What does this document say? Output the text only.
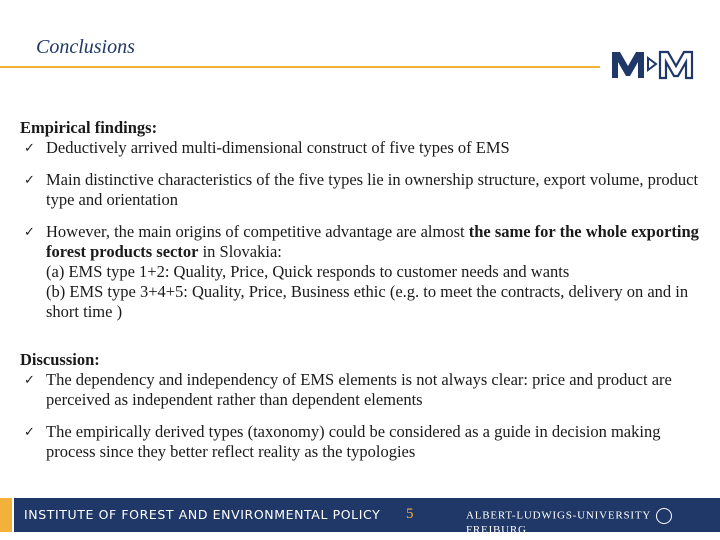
Conclusions

Empirical findings:

✓ Deductively arrived multi-dimensional construct of five types of EMS

✓ Main distinctive characteristics of the five types lie in ownership structure, export volume, product type and orientation

✓ However, the main origins of competitive advantage are almost the same for the whole exporting forest products sector in Slovakia:
(a) EMS type 1+2: Quality, Price, Quick responds to customer needs and wants
(b) EMS type 3+4+5: Quality, Price, Business ethic (e.g. to meet the contracts, delivery on and in short time )

Discussion:

✓ The dependency and independency of EMS elements is not always clear: price and product are perceived as independent rather than dependent elements

✓ The empirically derived types (taxonomy) could be considered as a guide in decision making process since they better reflect reality as the typologies

INSTITUTE OF FOREST AND ENVIRONMENTAL POLICY 5	ALBERT-LUDWIGS-UNIVERSITY  FREIBURG
